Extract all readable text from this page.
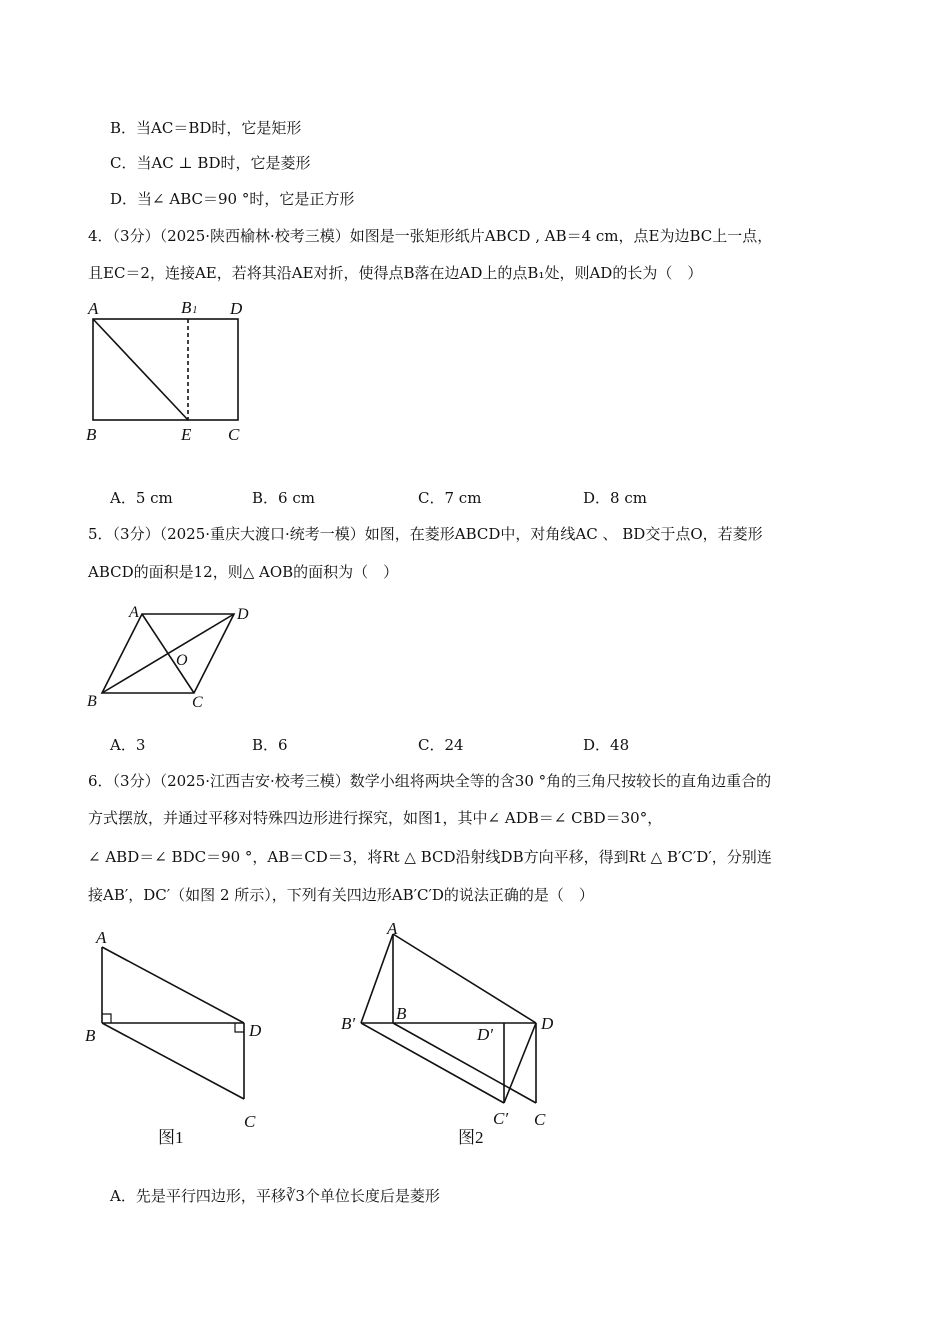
B．当AC＝BD时，它是矩形
C．当AC ⊥ BD时，它是菱形
D．当∠ ABC＝90 °时，它是正方形
4．（3分）（2025·陕西榆林·校考三模）如图是一张矩形纸片ABCD , AB＝4 cm，点E为边BC上一点，
且EC＝2，连接AE，若将其沿AE对折，使得点B落在边AD上的点B₁处，则AD的长为（　）
A	B1 D
B	E C
A．5 cm	B．6 cm	C．7 cm	D．8 cm
5．（3分）（2025·重庆大渡口·统考一模）如图，在菱形ABCD中，对角线AC 、 BD交于点O，若菱形
ABCD的面积是12，则△ AOB的面积为（　）
A	D
O
B	C
A．3	B．6	C．24	D．48
6．（3分）（2025·江西吉安·校考三模）数学小组将两块全等的含30 °角的三角尺按较长的直角边重合的
方式摆放，并通过平移对特殊四边形进行探究，如图1，其中∠ ADB＝∠ CBD＝30°，
∠ ABD＝∠ BDC＝90 °，AB＝CD＝3，将Rt △ BCD沿射线DB方向平移，得到Rt △ B′C′D′，分别连
接AB′，DC′（如图 2 所示），下列有关四边形AB′C′D的说法正确的是（　）
A
B	D
C
图1
A
B
B′
D′
D
C′ C
图2
A．先是平行四边形，平移∛3个单位长度后是菱形
